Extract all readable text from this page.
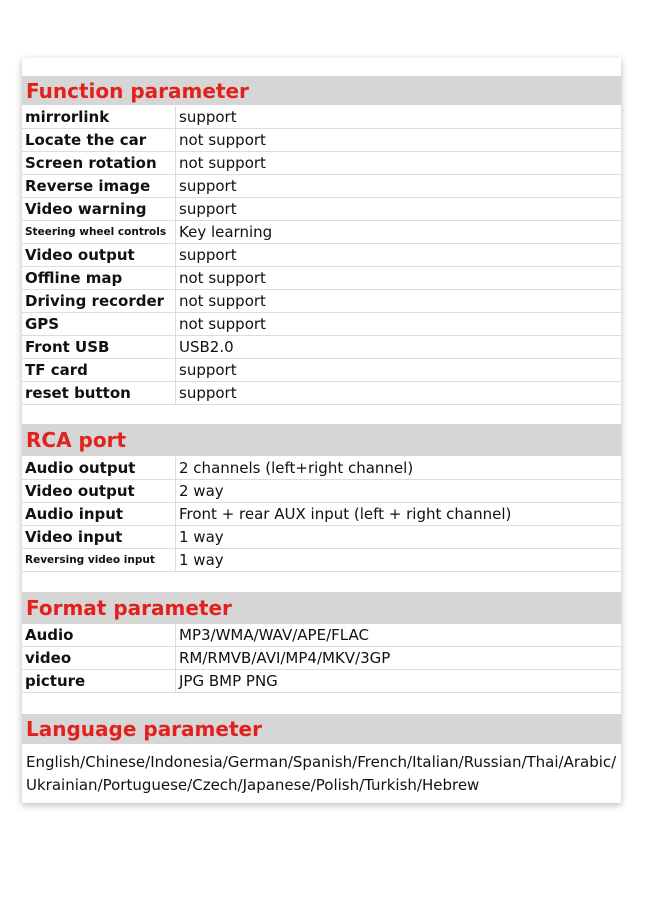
Function parameter
mirrorlink	support
Locate the car	not support
Screen rotation	not support
Reverse image	support
Video warning	support
Steering wheel controls	Key learning
Video output	support
Offline map	not support
Driving recorder	not support
GPS	not support
Front USB	USB2.0
TF card	support
reset button	support
RCA port
Audio output	2 channels (left+right channel)
Video output	2 way
Audio input	Front + rear AUX input (left + right channel)
Video input	1 way
Reversing video input	1 way
Format parameter
Audio	MP3/WMA/WAV/APE/FLAC
video	RM/RMVB/AVI/MP4/MKV/3GP
picture	JPG BMP PNG
Language parameter
English/Chinese/Indonesia/German/Spanish/French/Italian/Russian/Thai/Arabic/Ukrainian/Portuguese/Czech/Japanese/Polish/Turkish/Hebrew
